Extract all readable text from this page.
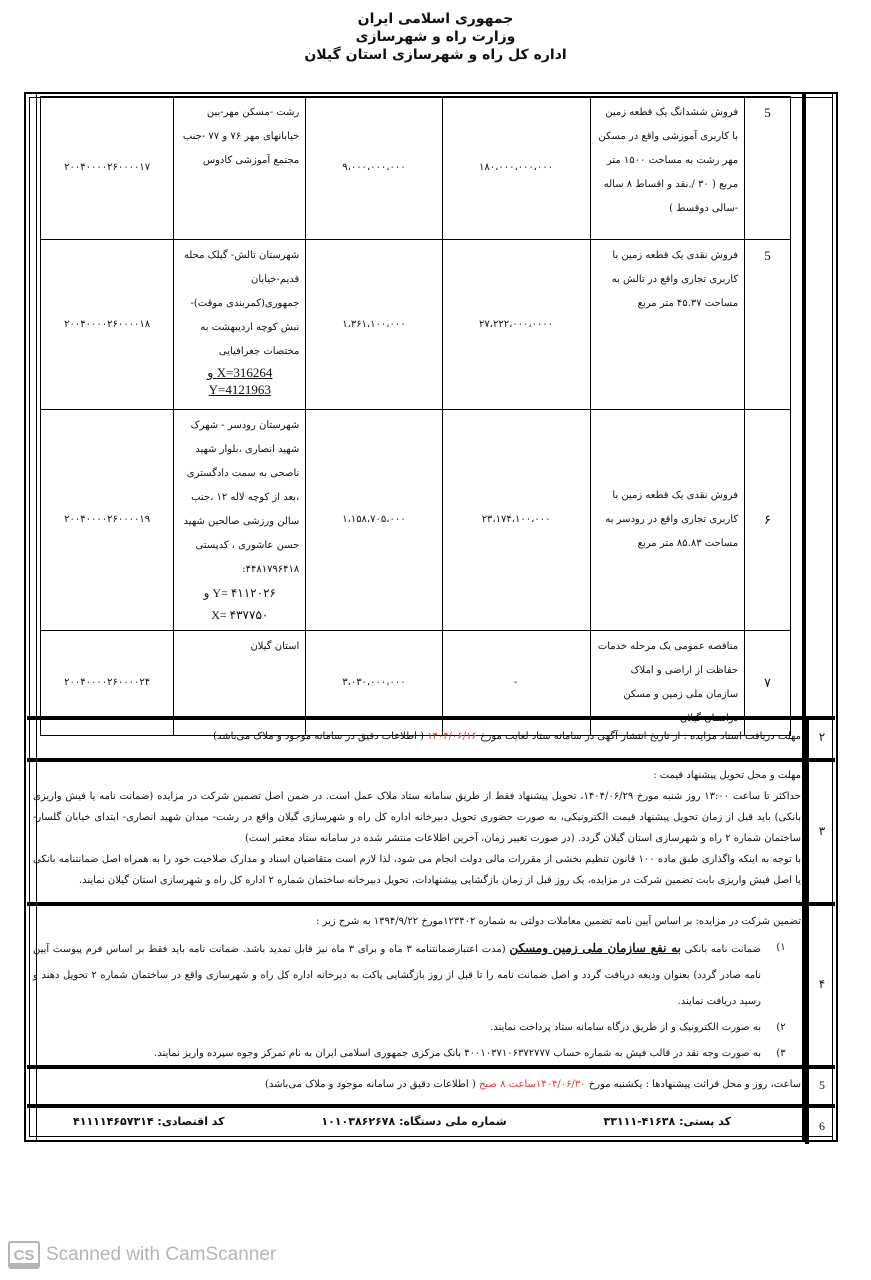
جمهوری اسلامی ایران
وزارت راه و شهرسازی
اداره کل راه و شهرسازی استان گیلان
5	فروش ششدانگ یک قطعه زمین با کاربری آموزشی واقع در مسکن مهر رشت به مساحت ۱۵۰۰ متر مربع ( ۳۰ /.نقد و اقساط ۸ ساله -سالی دوقسط )	۱۸۰،۰۰۰،۰۰۰،۰۰۰	۹،۰۰۰،۰۰۰،۰۰۰	رشت -مسکن مهر-بین خیابانهای مهر ۷۶ و ۷۷ -جنب مجتمع آموزشی کادوس	۲۰۰۴۰۰۰۰۲۶۰۰۰۰۱۷
5	فروش نقدی یک قطعه زمین با کاربری تجاری واقع در تالش به مساحت ۴۵.۳۷ متر مربع	۲۷،۲۲۲،۰۰۰،۰۰۰۰	۱،۳۶۱،۱۰۰،۰۰۰	شهرستان تالش- گیلک محله قدیم-خیابان جمهوری(کمربندی موقت)- نبش کوچه اردیبهشت به مختصات جغرافیایی
X=316264 و
Y=4121963	۲۰۰۴۰۰۰۰۲۶۰۰۰۰۱۸
۶	فروش نقدی یک قطعه زمین با کاربری تجاری واقع در رودسر به مساحت ۸۵.۸۳ متر مربع	۲۳،۱۷۴،۱۰۰،۰۰۰	۱،۱۵۸،۷۰۵،۰۰۰	شهرستان رودسر - شهرک شهید انصاری ،بلوار شهید ناصحی به سمت دادگستری ،بعد از کوچه لاله ۱۲ ،جنب سالن ورزشی صالحین شهید حسن عاشوری ، کدپستی ۴۴۸۱۷۹۶۴۱۸:
Y= ۴۱۱۲۰۲۶ و
X= ۴۳۷۷۵۰	۲۰۰۴۰۰۰۰۲۶۰۰۰۰۱۹
۷	مناقصه عمومی یک مرحله خدمات حفاظت از اراضی و املاک سازمان ملی زمین و مسکن دراستان گیلان	-	۳،۰۳۰،۰۰۰،۰۰۰	استان گیلان	۲۰۰۴۰۰۰۰۲۶۰۰۰۰۲۴
۲
مهلت دریافت اسناد مزایده : از تاریخ انتشار آگهی در سامانه ستاد لغایت مورخ ۱۴۰۴/۰۶/۱۶ ( اطلاعات دقیق در سامانه موجود و ملاک می‌باشد)
۳
مهلت و محل تحویل پیشنهاد قیمت :
حداکثر تا ساعت ۱۳:۰۰ روز شنبه مورخ ۱۴۰۴/۰۶/۲۹، تحویل پیشنهاد فقط از طریق سامانه ستاد ملاک عمل است. در ضمن اصل تضمین شرکت در مزایده (ضمانت نامه یا فیش واریزی بانکی) باید قبل از زمان تحویل پیشنهاد قیمت الکترونیکی، به صورت حضوری تحویل دبیرخانه اداره کل راه و شهرسازی گیلان واقع در رشت- میدان شهید انصاری- ابتدای خیابان گلسار- ساختمان شماره ۲ راه و شهرسازی استان گیلان گردد. (در صورت تغییر زمان، آخرین اطلاعات منتشر شده در سامانه ستاد معتبر است)
با توجه به اینکه واگذاری طبق ماده ۱۰۰ قانون تنظیم بخشی از مقررات مالی دولت انجام می شود، لذا لازم است متقاضیان اسناد و مدارک صلاحیت خود را به همراه اصل ضمانتنامه بانکی یا اصل فیش واریزی بابت تضمین شرکت در مزایده، یک روز قبل از زمان بازگشایی پیشنهادات، تحویل دبیرخانه ساختمان شماره ۲ اداره کل راه و شهرسازی استان گیلان نمایند.
۴
تضمین شرکت در مزایده: بر اساس آیین نامه تضمین معاملات دولتی به شماره ۱۲۳۴۰۲مورخ ۱۳۹۴/۹/۲۲ به شرح زیر :
۱)
ضمانت نامه بانکی به نفع سازمان ملی زمین ومسکن (مدت اعتبارضمانتنامه ۳ ماه و برای ۳ ماه نیز قابل تمدید باشد. ضمانت نامه باید فقط بر اساس فرم پیوست آیین نامه صادر گردد) بعنوان ودیعه دریافت گردد و اصل ضمانت نامه را تا قبل از روز بازگشایی پاکت به دیرخانه اداره کل راه و شهرسازی واقع در ساختمان شماره ۲ تحویل دهند و رسید دریافت نمایند.
۲)
به صورت الکترونیک و از طریق درگاه سامانه ستاد پرداخت نمایند.
۳)
به صورت وجه نقد در قالب فیش به شماره حساب ۴۰۰۱۰۳۷۱۰۶۳۷۲۷۷۷ بانک مرکزی جمهوری اسلامی ایران به نام تمرکز وجوه سپرده واریز نمایند.
5
ساعت، روز و محل قرائت پیشنهادها : یکشنبه مورخ ۱۴۰۴/۰۶/۳۰ساعت ۸ صبح ( اطلاعات دقیق در سامانه موجود و ملاک می‌باشد)
6
کد پستی: ۴۱۶۳۸-۳۳۱۱۱
شماره ملی دستگاه: ۱۰۱۰۳۸۶۲۶۷۸
کد اقتصادی: ۴۱۱۱۱۴۶۵۷۳۱۴
CS Scanned with CamScanner
